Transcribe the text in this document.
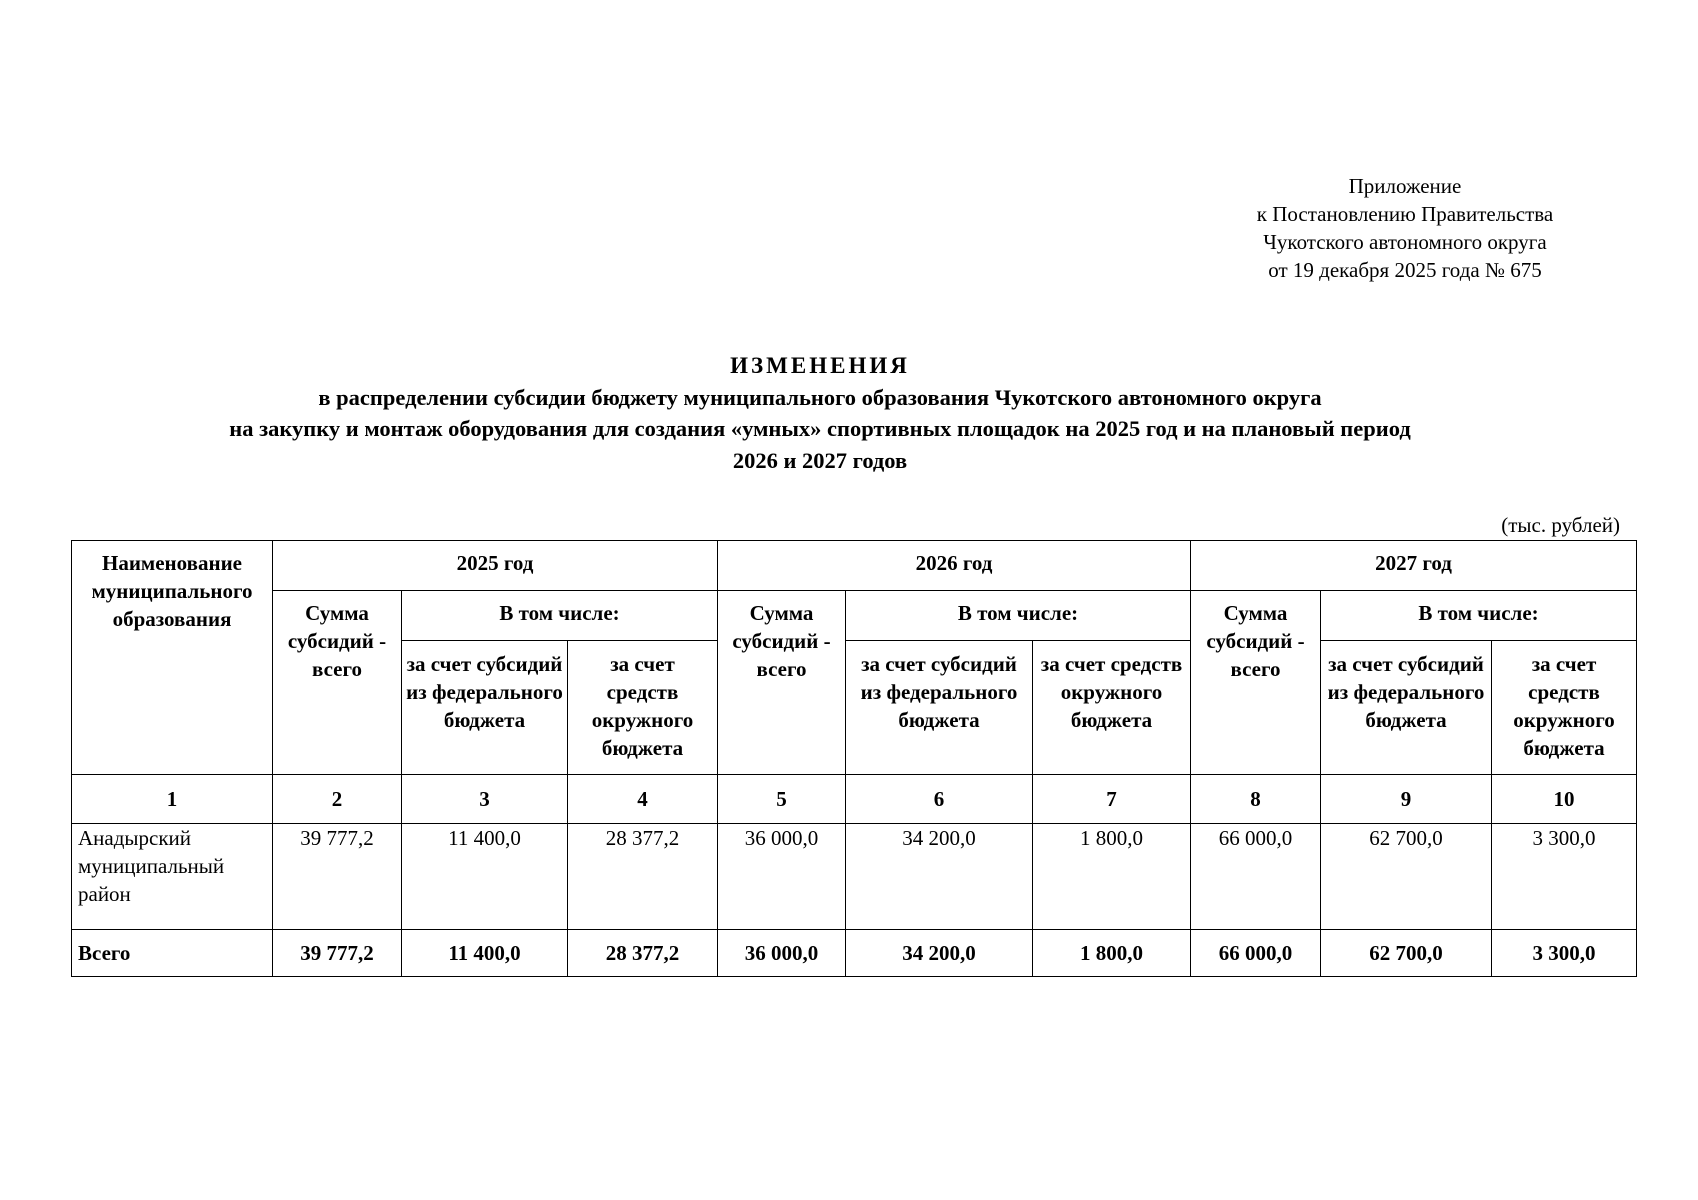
Приложение
к Постановлению Правительства
Чукотского автономного округа
от 19 декабря 2025 года № 675
ИЗМЕНЕНИЯ
в распределении субсидии бюджету муниципального образования Чукотского автономного округа
на закупку и монтаж оборудования для создания «умных» спортивных площадок на 2025 год и на плановый период
2026 и 2027 годов
(тыс. рублей)
Наименование муниципального образования	2025 год			2026 год			2027 год		
	Сумма субсидий - всего	В том числе:		Сумма субсидий - всего	В том числе:		Сумма субсидий - всего	В том числе:	
		за счет субсидий из федерального бюджета	за счет средств окружного бюджета		за счет субсидий из федерального бюджета	за счет средств окружного бюджета		за счет субсидий из федерального бюджета	за счет средств окружного бюджета
1	2	3	4	5	6	7	8	9	10
Анадырский муниципальный район	39 777,2	11 400,0	28 377,2	36 000,0	34 200,0	1 800,0	66 000,0	62 700,0	3 300,0
Всего	39 777,2	11 400,0	28 377,2	36 000,0	34 200,0	1 800,0	66 000,0	62 700,0	3 300,0
